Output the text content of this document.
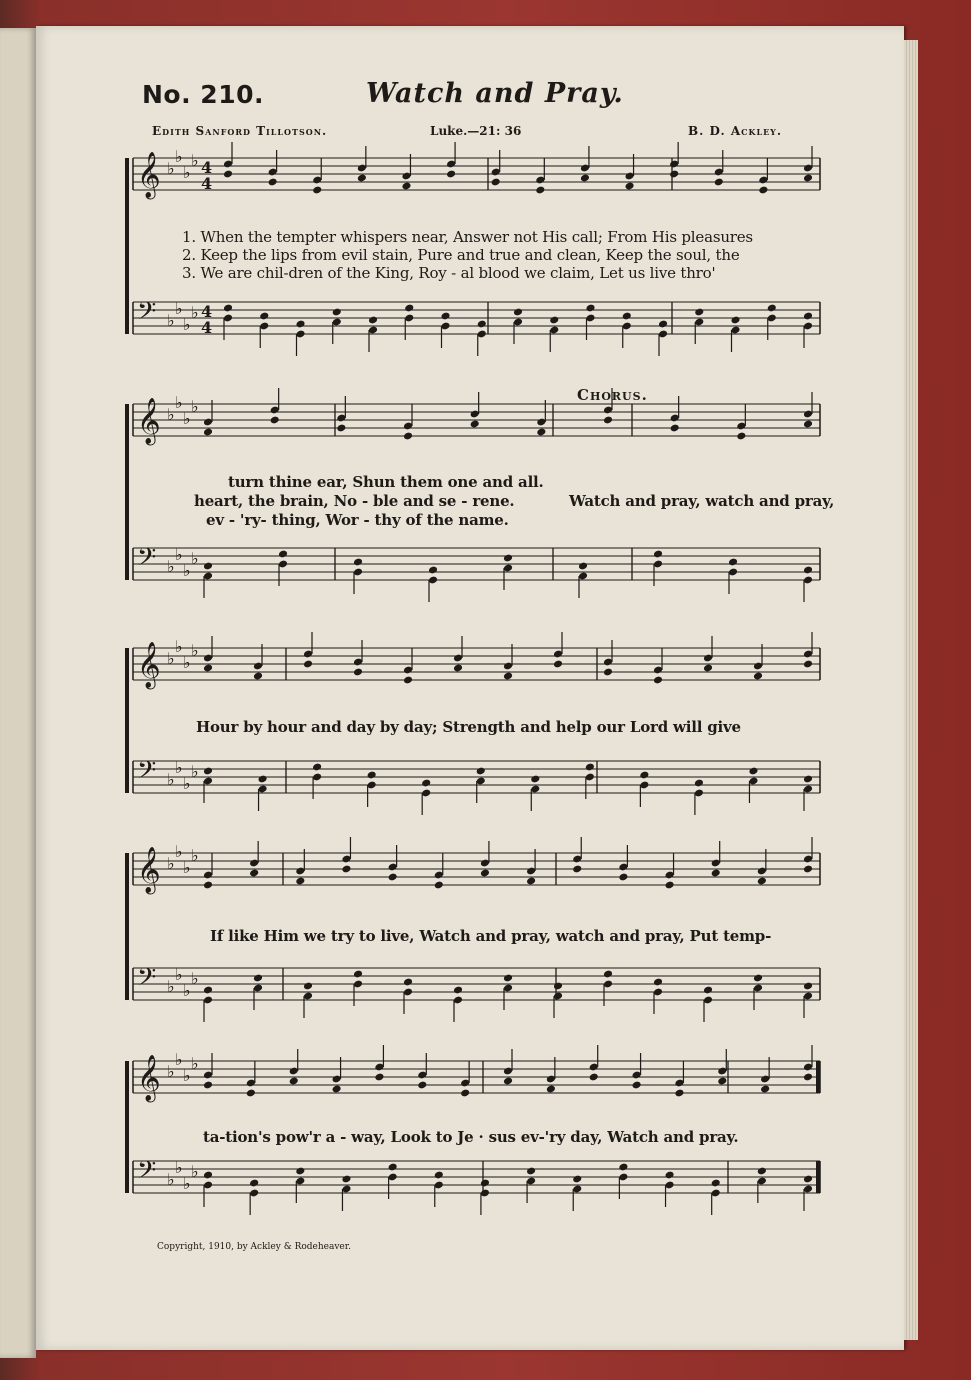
No. 210.	Watch and Pray.
Edith Sanford Tillotson.	Luke.—21: 36	B. D. Ackley.
𝄞 ♭
♭
♭
♭ 4
4
𝄢 ♭
♭
♭
♭ 4
4
𝄞 ♭
♭
♭
♭
𝄢 ♭
♭
♭
♭
𝄞 ♭
♭
♭
♭
𝄢 ♭
♭
♭
♭
𝄞 ♭
♭
♭
♭
𝄢 ♭
♭
♭
♭
𝄞 ♭
♭
♭
♭
𝄢 ♭
♭
♭
♭
1. When the tempter whispers near, Answer not His call; From His pleasures
2. Keep the lips from evil stain, Pure and true and clean, Keep the soul, the
3. We are chil-dren of the King, Roy - al blood we claim, Let us live thro'
Chorus.
turn thine ear, Shun them one and all.
heart, the brain, No - ble and se - rene.
ev - 'ry- thing, Wor - thy of the name.
Watch and pray, watch and pray,
Hour by hour and day by day; Strength and help our Lord will give
If like Him we try to live, Watch and pray, watch and pray, Put temp-
ta-tion's pow'r a - way, Look to Je · sus ev-'ry day, Watch and pray.
Copyright, 1910, by Ackley & Rodeheaver.
